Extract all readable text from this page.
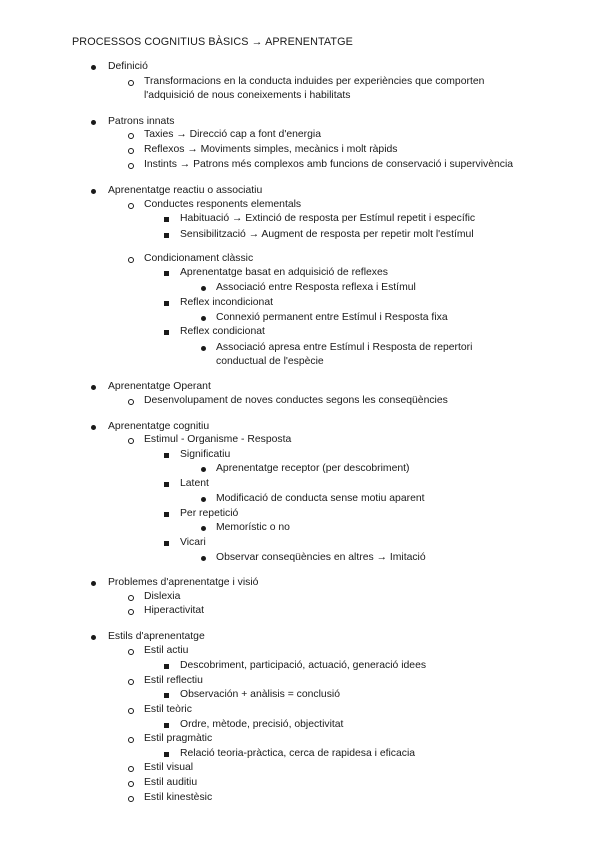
PROCESSOS COGNITIUS BÀSICS → APRENENTATGE
Definició
Transformacions en la conducta induides per experiències que comporten
l'adquisició de nous coneixements i habilitats
Patrons innats
Taxies → Direcció cap a font d'energia
Reflexos → Moviments simples, mecànics i molt ràpids
Instints → Patrons més complexos amb funcions de conservació i supervivència
Aprenentatge reactiu o associatiu
Conductes responents elementals
Habituació → Extinció de resposta per Estímul repetit i específic
Sensibilització → Augment de resposta per repetir molt l'estímul
Condicionament clàssic
Aprenentatge basat en adquisició de reflexes
Associació entre Resposta reflexa i Estímul
Reflex incondicionat
Connexió permanent entre Estímul i Resposta fixa
Reflex condicionat
Associació apresa entre Estímul i Resposta de repertori
conductual de l'espècie
Aprenentatge Operant
Desenvolupament de noves conductes segons les conseqüències
Aprenentatge cognitiu
Estimul - Organisme - Resposta
Significatiu
Aprenentatge receptor (per descobriment)
Latent
Modificació de conducta sense motiu aparent
Per repetició
Memorístic o no
Vicari
Observar conseqüències en altres → Imitació
Problemes d'aprenentatge i visió
Dislexia
Hiperactivitat
Estils d'aprenentatge
Estil actiu
Descobriment, participació, actuació, generació idees
Estil reflectiu
Observación + anàlisis = conclusió
Estil teòric
Ordre, mètode, precisió, objectivitat
Estil pragmàtic
Relació teoria-pràctica, cerca de rapidesa i eficacia
Estil visual
Estil auditiu
Estil kinestèsic
